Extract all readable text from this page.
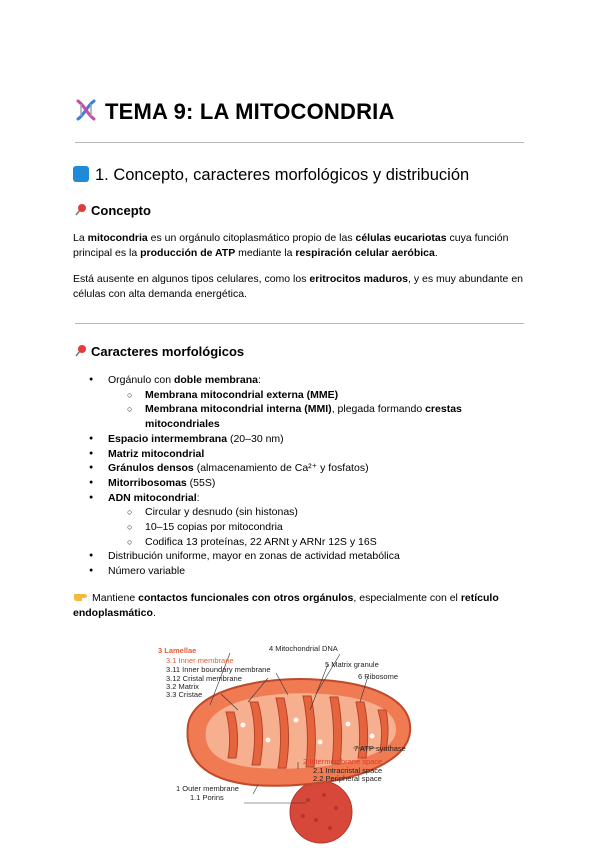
TEMA 9: LA MITOCONDRIA
1. Concepto, caracteres morfológicos y distribución
Concepto
La mitocondria es un orgánulo citoplasmático propio de las células eucariotas cuya función principal es la producción de ATP mediante la respiración celular aeróbica.
Está ausente en algunos tipos celulares, como los eritrocitos maduros, y es muy abundante en células con alta demanda energética.
Caracteres morfológicos
● Orgánulo con doble membrana:
○ Membrana mitocondrial externa (MME)
○ Membrana mitocondrial interna (MMI), plegada formando crestas mitocondriales
● Espacio intermembrana (20–30 nm)
● Matriz mitocondrial
● Gránulos densos (almacenamiento de Ca²⁺ y fosfatos)
● Mitorribosomas (55S)
● ADN mitocondrial:
○ Circular y desnudo (sin histonas)
○ 10–15 copias por mitocondria
○ Codifica 13 proteínas, 22 ARNt y ARNr 12S y 16S
● Distribución uniforme, mayor en zonas de actividad metabólica
● Número variable
Mantiene contactos funcionales con otros orgánulos, especialmente con el retículo endoplasmático.
3 Lamellae
3.1 Inner membrane
3.11 Inner boundary membrane
3.12 Cristal membrane
3.2 Matrix
3.3 Cristae
4 Mitochondrial DNA
5 Matrix granule
6 Ribosome
7 ATP synthase
2 Intermembrane space
2.1 Intracristal space
2.2 Peripheral space
1 Outer membrane
1.1 Porins
